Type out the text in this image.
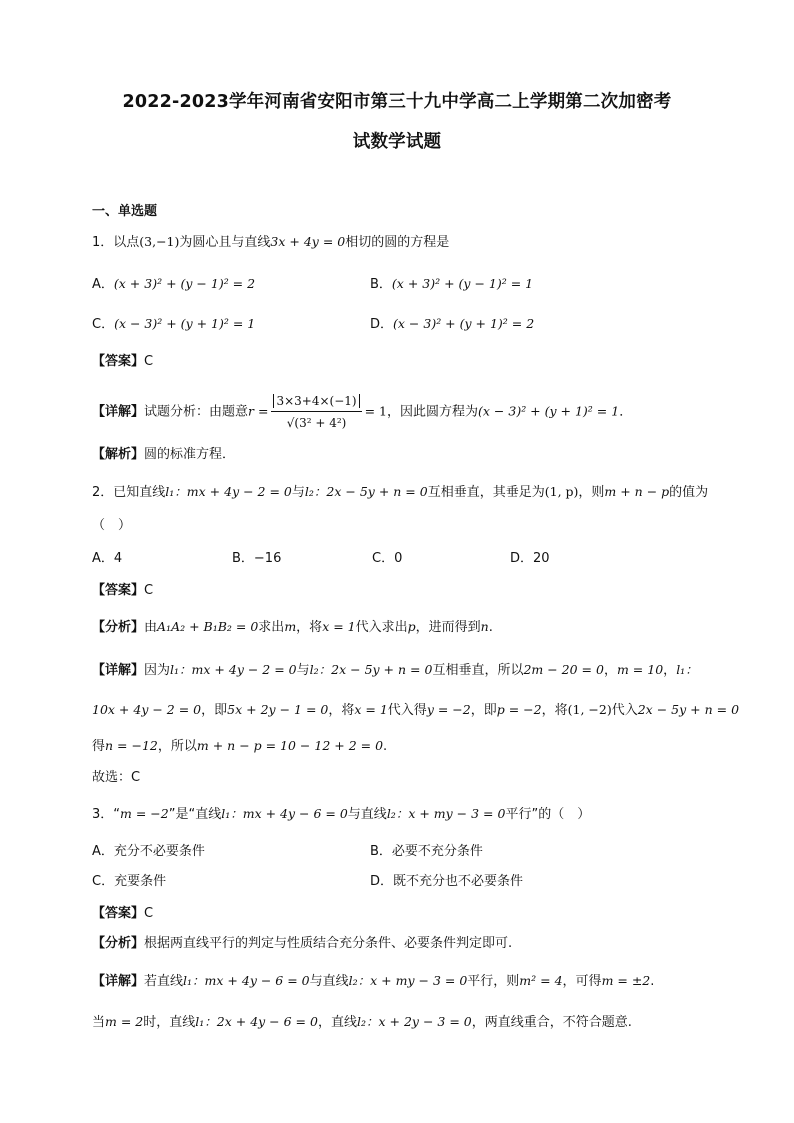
2022-2023学年河南省安阳市第三十九中学高二上学期第二次加密考
试数学试题
一、单选题
1．以点(3,−1)为圆心且与直线3x + 4y = 0相切的圆的方程是
A．(x + 3)² + (y − 1)² = 2	B．(x + 3)² + (y − 1)² = 1
C．(x − 3)² + (y + 1)² = 1	D．(x − 3)² + (y + 1)² = 2
【答案】C
【详解】试题分析：由题意$r = \frac{3\times 3+4\times(-1)}{\text{√(3² + 4²)}} = 1$，因此圆方程为(x − 3)² + (y + 1)² = 1．
【解析】圆的标准方程．
2．已知直线l₁：mx + 4y − 2 = 0与l₂：2x − 5y + n = 0互相垂直，其垂足为(1, p)，则m + n − p的值为
（　）
A．4	B．−16	C．0	D．20
【答案】C
【分析】由A₁A₂ + B₁B₂ = 0求出m，将x = 1代入求出p，进而得到n.
【详解】因为l₁：mx + 4y − 2 = 0与l₂：2x − 5y + n = 0互相垂直，所以2m − 20 = 0，m = 10，l₁：
10x + 4y − 2 = 0，即5x + 2y − 1 = 0，将x = 1代入得y = −2，即p = −2，将(1, −2)代入2x − 5y + n = 0
得n = −12，所以m + n − p = 10 − 12 + 2 = 0.
故选：C
3．“m = −2”是“直线l₁：mx + 4y − 6 = 0与直线l₂：x + my − 3 = 0平行”的（　）
A．充分不必要条件	B．必要不充分条件
C．充要条件	D．既不充分也不必要条件
【答案】C
【分析】根据两直线平行的判定与性质结合充分条件、必要条件判定即可.
【详解】若直线l₁：mx + 4y − 6 = 0与直线l₂：x + my − 3 = 0平行，则m² = 4，可得m = ±2.
当m = 2时，直线l₁：2x + 4y − 6 = 0，直线l₂：x + 2y − 3 = 0，两直线重合，不符合题意.
